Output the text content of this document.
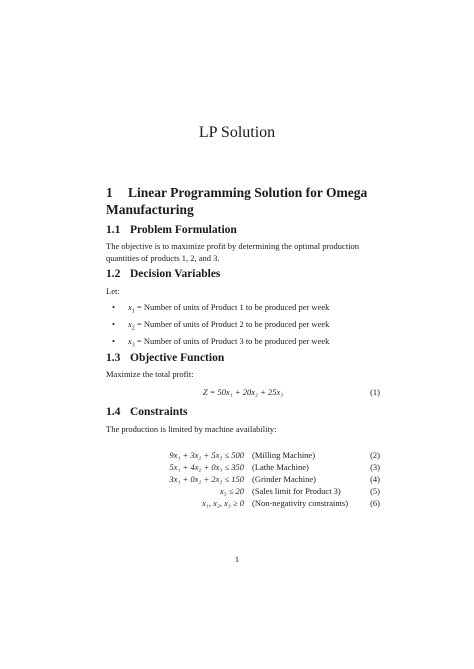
LP Solution
1 Linear Programming Solution for Omega Manufacturing
1.1 Problem Formulation
The objective is to maximize profit by determining the optimal production quantities of products 1, 2, and 3.
1.2 Decision Variables
Let:
• $x_1$ = Number of units of Product 1 to be produced per week
• $x_2$ = Number of units of Product 2 to be produced per week
• $x_3$ = Number of units of Product 3 to be produced per week
1.3 Objective Function
Maximize the total profit:
Z = 50x₁ + 20x₂ + 25x₃	(1)
1.4 Constraints
The production is limited by machine availability:
9x₁ + 3x₂ + 5x₃ ≤ 500 (Milling Machine)	(2)
5x₁ + 4x₂ + 0x₃ ≤ 350 (Lathe Machine)	(3)
3x₁ + 0x₂ + 2x₃ ≤ 150 (Grinder Machine)	(4)
x₃ ≤ 20 (Sales limit for Product 3)	(5)
x₁, x₂, x₃ ≥ 0 (Non-negativity constraints)	(6)
1
